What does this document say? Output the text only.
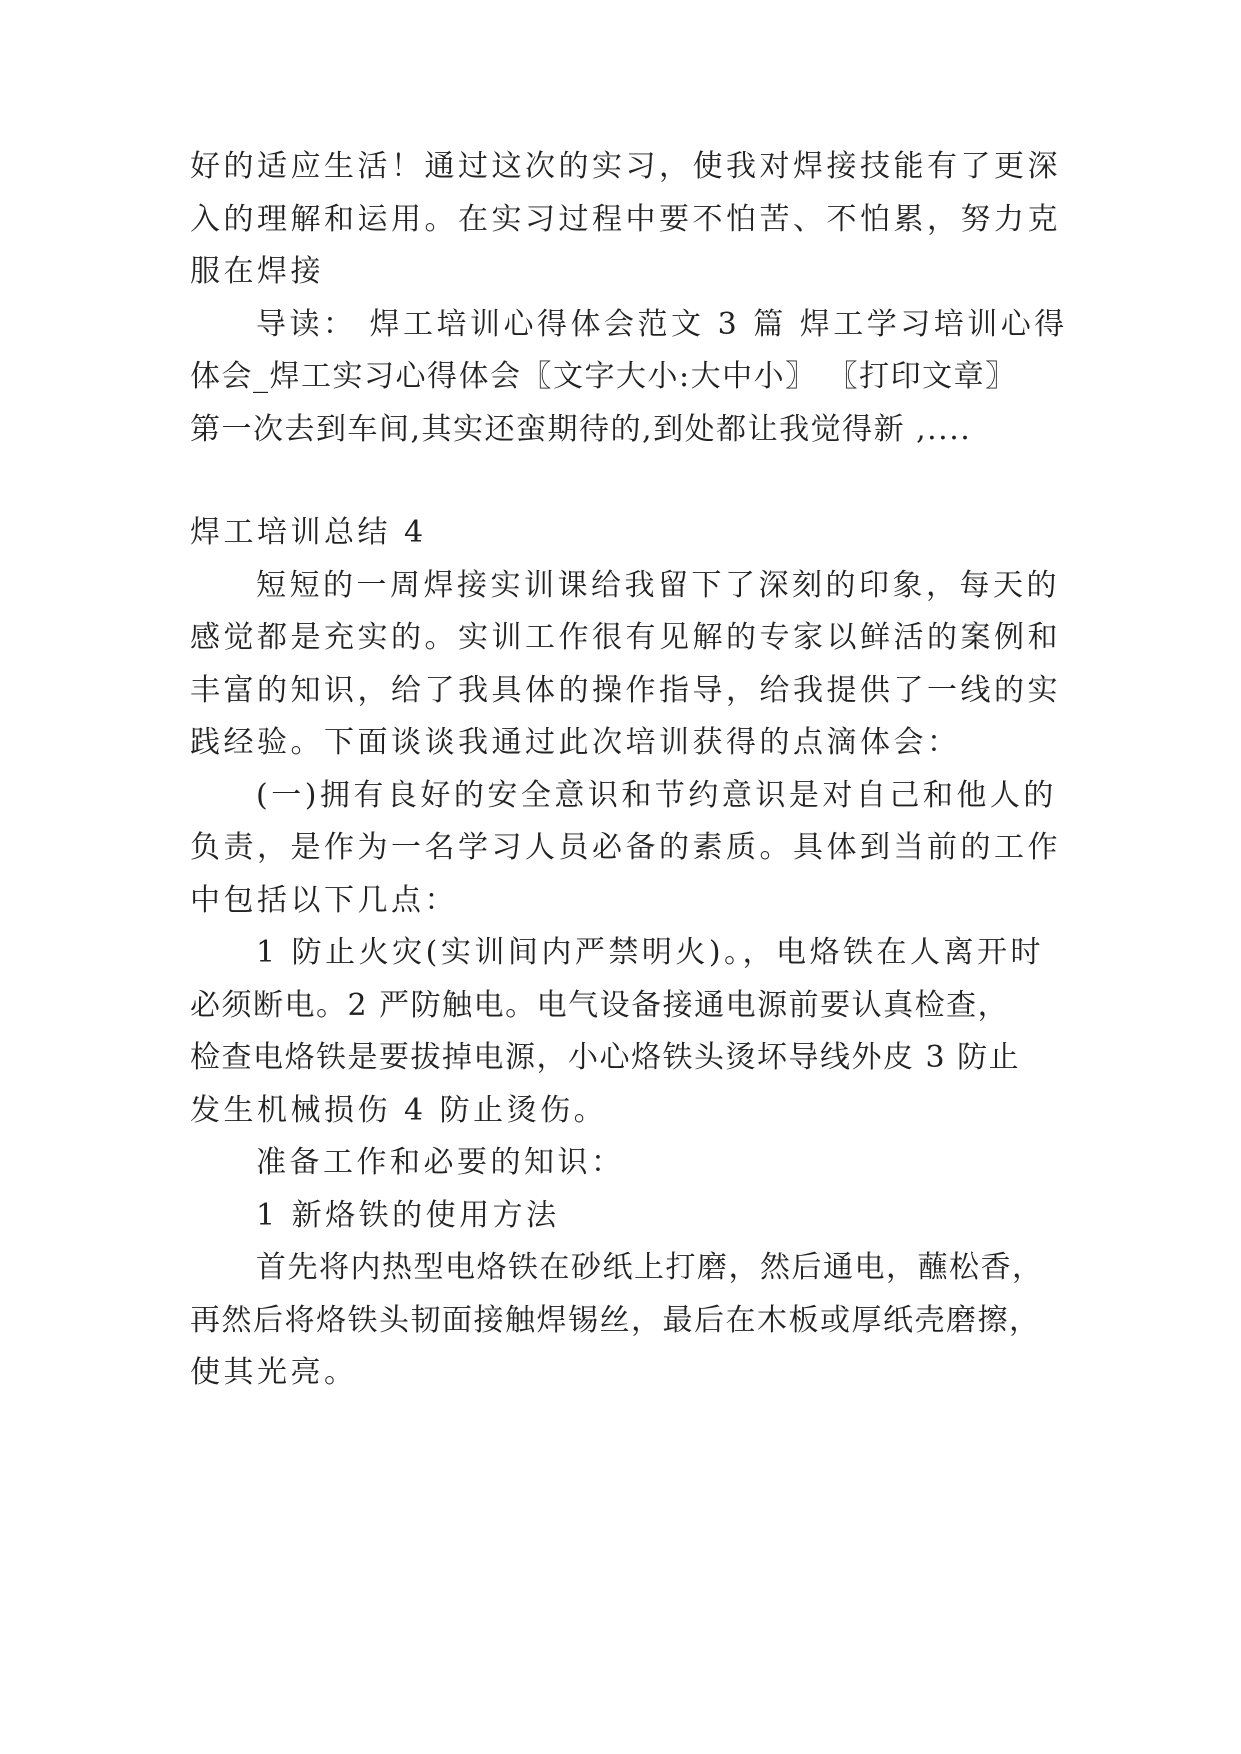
好的适应生活！通过这次的实习，使我对焊接技能有了更深
入的理解和运用。在实习过程中要不怕苦、不怕累，努力克
服在焊接
导读： 焊工培训心得体会范文 3 篇 焊工学习培训心得
体会_焊工实习心得体会〖文字大小:大中小〗 〖打印文章〗
第一次去到车间,其实还蛮期待的,到处都让我觉得新 ,....
焊工培训总结 4
短短的一周焊接实训课给我留下了深刻的印象，每天的
感觉都是充实的。实训工作很有见解的专家以鲜活的案例和
丰富的知识，给了我具体的操作指导，给我提供了一线的实
践经验。下面谈谈我通过此次培训获得的点滴体会：
(一)拥有良好的安全意识和节约意识是对自己和他人的
负责，是作为一名学习人员必备的素质。具体到当前的工作
中包括以下几点：
1 防止火灾(实训间内严禁明火)。，电烙铁在人离开时
必须断电。2 严防触电。电气设备接通电源前要认真检查，
检查电烙铁是要拔掉电源，小心烙铁头烫坏导线外皮 3 防止
发生机械损伤 4 防止烫伤。
准备工作和必要的知识：
1 新烙铁的使用方法
首先将内热型电烙铁在砂纸上打磨，然后通电，蘸松香，
再然后将烙铁头韧面接触焊锡丝，最后在木板或厚纸壳磨擦，
使其光亮。
